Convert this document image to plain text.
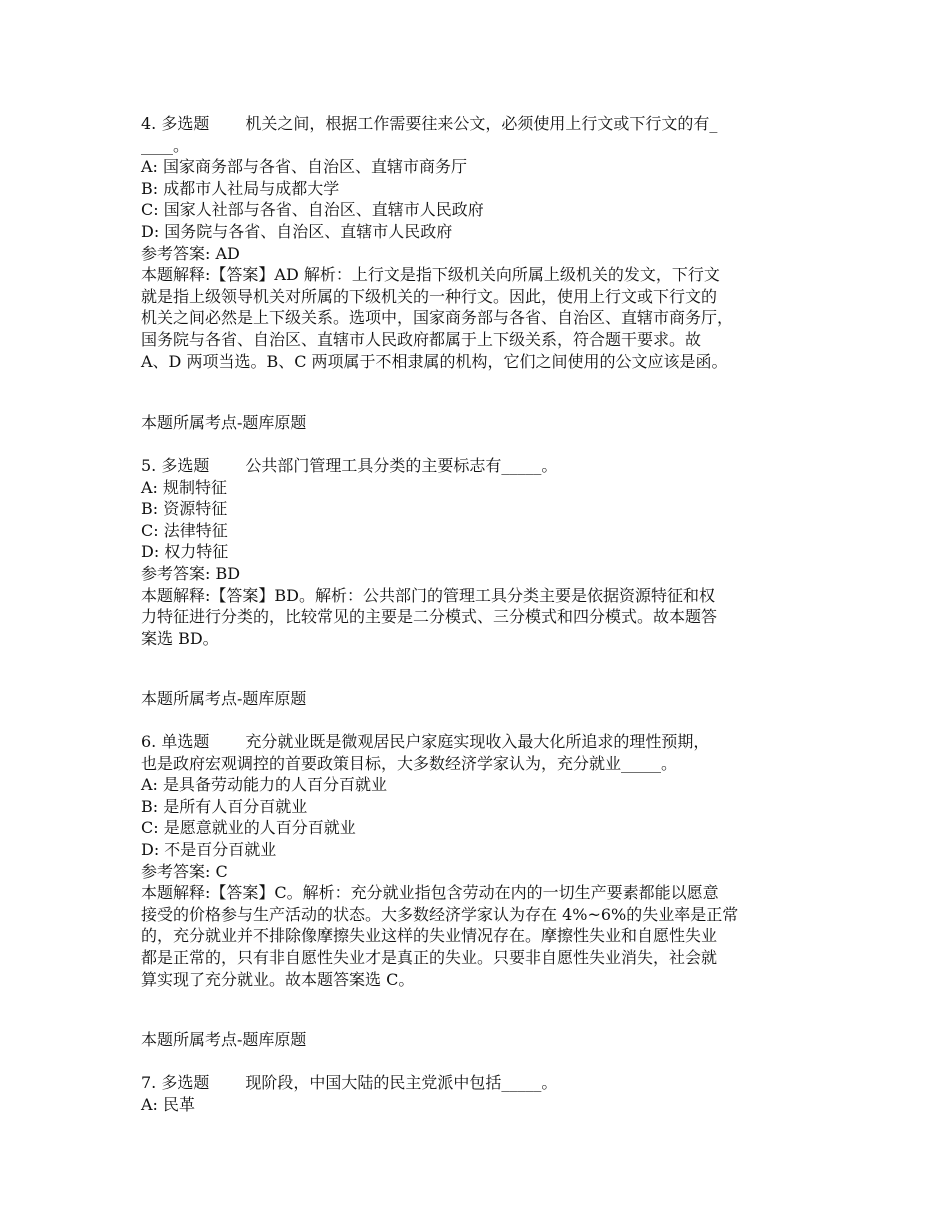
4. 多选题 机关之间，根据工作需要往来公文，必须使用上行文或下行文的有_
____。
A: 国家商务部与各省、自治区、直辖市商务厅
B: 成都市人社局与成都大学
C: 国家人社部与各省、自治区、直辖市人民政府
D: 国务院与各省、自治区、直辖市人民政府
参考答案: AD
本题解释:【答案】AD 解析：上行文是指下级机关向所属上级机关的发文，下行文
就是指上级领导机关对所属的下级机关的一种行文。因此，使用上行文或下行文的
机关之间必然是上下级关系。选项中，国家商务部与各省、自治区、直辖市商务厅，
国务院与各省、自治区、直辖市人民政府都属于上下级关系，符合题干要求。故
A、D 两项当选。B、C 两项属于不相隶属的机构，它们之间使用的公文应该是函。
本题所属考点-题库原题
5. 多选题 公共部门管理工具分类的主要标志有_____。
A: 规制特征
B: 资源特征
C: 法律特征
D: 权力特征
参考答案: BD
本题解释:【答案】BD。解析：公共部门的管理工具分类主要是依据资源特征和权
力特征进行分类的，比较常见的主要是二分模式、三分模式和四分模式。故本题答
案选 BD。
本题所属考点-题库原题
6. 单选题 充分就业既是微观居民户家庭实现收入最大化所追求的理性预期，
也是政府宏观调控的首要政策目标，大多数经济学家认为，充分就业_____。
A: 是具备劳动能力的人百分百就业
B: 是所有人百分百就业
C: 是愿意就业的人百分百就业
D: 不是百分百就业
参考答案: C
本题解释:【答案】C。解析：充分就业指包含劳动在内的一切生产要素都能以愿意
接受的价格参与生产活动的状态。大多数经济学家认为存在 4%~6%的失业率是正常
的，充分就业并不排除像摩擦失业这样的失业情况存在。摩擦性失业和自愿性失业
都是正常的，只有非自愿性失业才是真正的失业。只要非自愿性失业消失，社会就
算实现了充分就业。故本题答案选 C。
本题所属考点-题库原题
7. 多选题 现阶段，中国大陆的民主党派中包括_____。
A: 民革
